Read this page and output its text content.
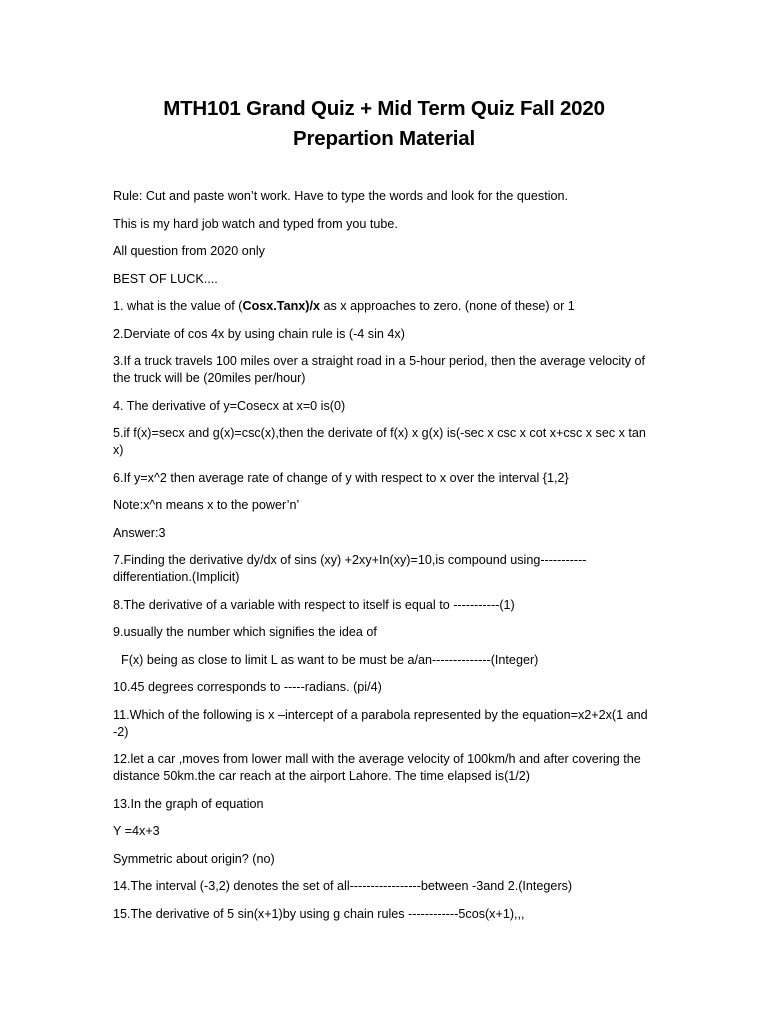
MTH101 Grand Quiz + Mid Term Quiz Fall 2020

Prepartion Material

Rule: Cut and paste won’t work. Have to type the words and look for the question.

This is my hard job watch and typed from you tube.

All question from 2020 only

BEST OF LUCK....

1. what is the value of (Cosx.Tanx)/x as x approaches to zero. (none of these) or 1

2.Derviate of cos 4x by using chain rule is (-4 sin 4x)

3.If a truck travels 100 miles over a straight road in a 5-hour period, then the average velocity of the truck will be (20miles per/hour)

4. The derivative of y=Cosecx at x=0 is(0)

5.if f(x)=secx and g(x)=csc(x),then the derivate of f(x) x g(x) is(-sec x csc x cot x+csc x sec x tan x)

6.If y=x^2 then average rate of change of y with respect to x over the interval {1,2}

Note:x^n means x to the power’n’

Answer:3

7.Finding the derivative dy/dx of sins (xy) +2xy+In(xy)=10,is compound using----------- differentiation.(Implicit)

8.The derivative of a variable with respect to itself is equal to -----------(1)

9.usually the number which signifies the idea of

F(x) being as close to limit L as want to be must be a/an--------------(Integer)

10.45 degrees corresponds to -----radians. (pi/4)

11.Which of the following is x –intercept of a parabola represented by the equation=x2+2x(1 and -2)

12.let a car ,moves from lower mall with the average velocity of 100km/h and after covering the distance 50km.the car reach at the airport Lahore. The time elapsed is(1/2)

13.In the graph of equation

Y =4x+3

Symmetric about origin? (no)

14.The interval (-3,2) denotes the set of all-----------------between -3and 2.(Integers)

15.The derivative of 5 sin(x+1)by using g chain rules ------------5cos(x+1),,,
